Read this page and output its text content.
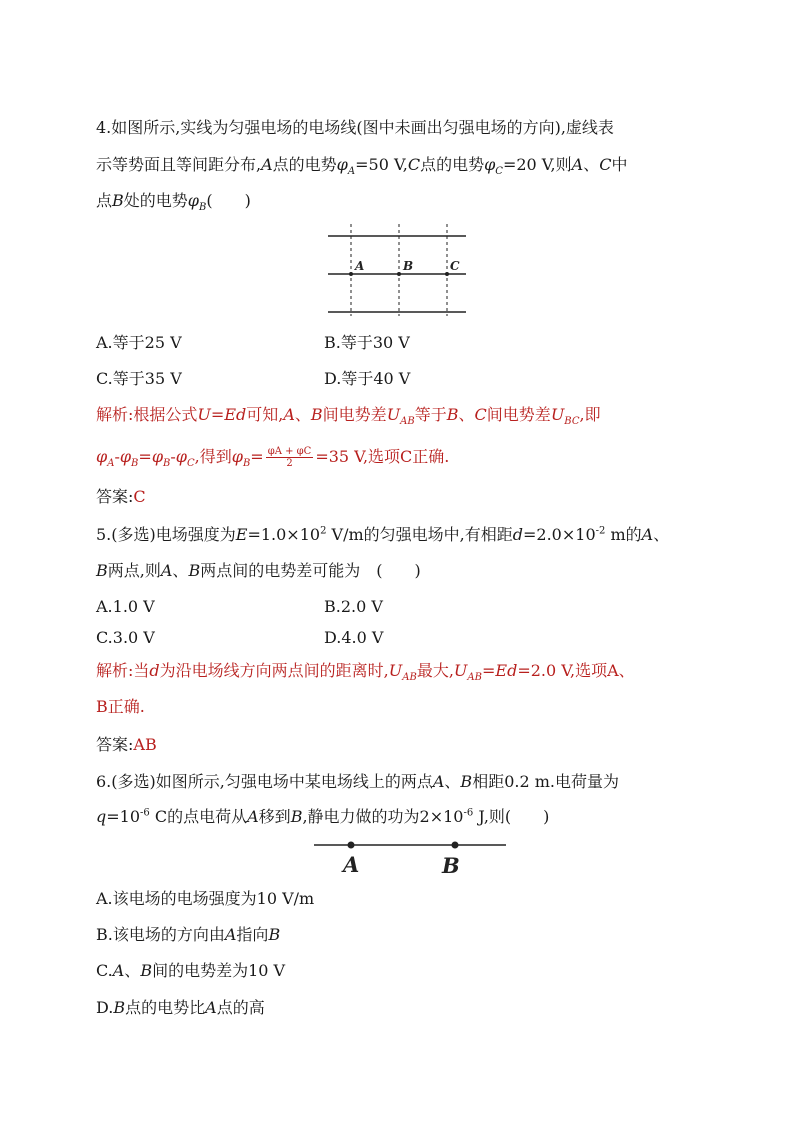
4.如图所示,实线为匀强电场的电场线(图中未画出匀强电场的方向),虚线表
示等势面且等间距分布,A点的电势$\varphi_A=50$ V,C点的电势$\varphi_C=20$ V,则A、C中
点B处的电势$\varphi_B$(　　)
A	B	C
A.等于25 V	B.等于30 V
C.等于35 V	D.等于40 V
解析:根据公式U=Ed可知,A、B间电势差$U_{AB}$等于B、C间电势差$U_{BC}$,即
$\varphi_A-\varphi_B=\varphi_B-\varphi_C$,得到$\varphi_B= \frac{\varphi A + \varphi C}{2} =35$ V,选项C正确.
答案:C
5.(多选)电场强度为$E=1.0\times 10^2$ V/m的匀强电场中,有相距$d=2.0\times 10^{-2}$ m的A、
B两点,则A、B两点间的电势差可能为　(　　)
A.1.0 V	B.2.0 V
C.3.0 V	D.4.0 V
解析:当d为沿电场线方向两点间的距离时$,U_{AB}$最大$,U_{AB}=Ed=2.0$ V,选项A、
B正确.
答案:AB
6.(多选)如图所示,匀强电场中某电场线上的两点A、B相距0.2 m.电荷量为
$q=10^{-6}$ C的点电荷从A移到B,静电力做的功为$2\times 10^{-6}$ J,则(　　)
A	B
A.该电场的电场强度为10 V/m
B.该电场的方向由A指向B
C.A、B间的电势差为10 V
D.B点的电势比A点的高
